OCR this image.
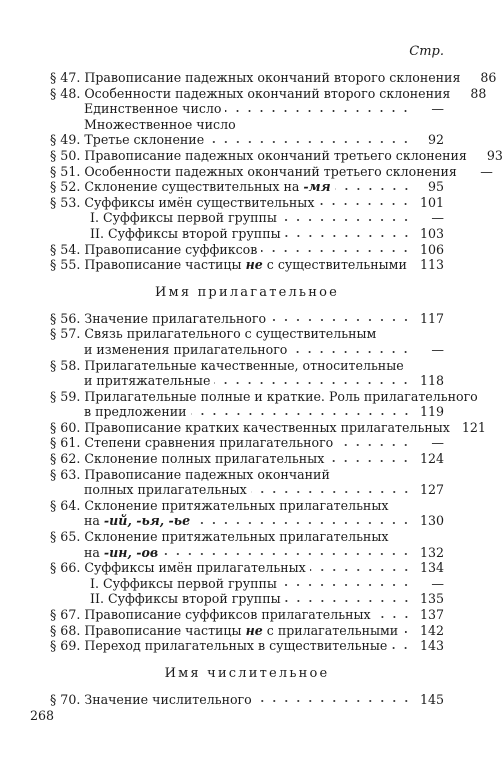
Стр.
§ 47. Правописание падежных окончаний второго склонения	86
§ 48. Особенности падежных окончаний второго склонения	88
Единственное число	—
Множественное число
§ 49. Третье склонение	92
§ 50. Правописание падежных окончаний третьего склонения	93
§ 51. Особенности падежных окончаний третьего склонения	—
§ 52. Склонение существительных на -мя	95
§ 53. Суффиксы имён существительных	101
I. Суффиксы первой группы	—
II. Суффиксы второй группы	103
§ 54. Правописание суффиксов	106
§ 55. Правописание частицы не с существительными	113
Имя прилагательное
§ 56. Значение прилагательного	117
§ 57. Связь прилагательного с существительным
и изменения прилагательного	—
§ 58. Прилагательные качественные, относительные
и притяжательные	118
§ 59. Прилагательные полные и краткие. Роль прилагательного
в предложении	119
§ 60. Правописание кратких качественных прилагательных 121
§ 61. Степени сравнения прилагательного	—
§ 62. Склонение полных прилагательных	124
§ 63. Правописание падежных окончаний
полных прилагательных	127
§ 64. Склонение притяжательных прилагательных
на -ий, -ья, -ье	130
§ 65. Склонение притяжательных прилагательных
на -ин, -ов	132
§ 66. Суффиксы имён прилагательных	134
I. Суффиксы первой группы	—
II. Суффиксы второй группы	135
§ 67. Правописание суффиксов прилагательных	137
§ 68. Правописание частицы не с прилагательными	142
§ 69. Переход прилагательных в существительные	143
Имя числительное
§ 70. Значение числительного	145
268
